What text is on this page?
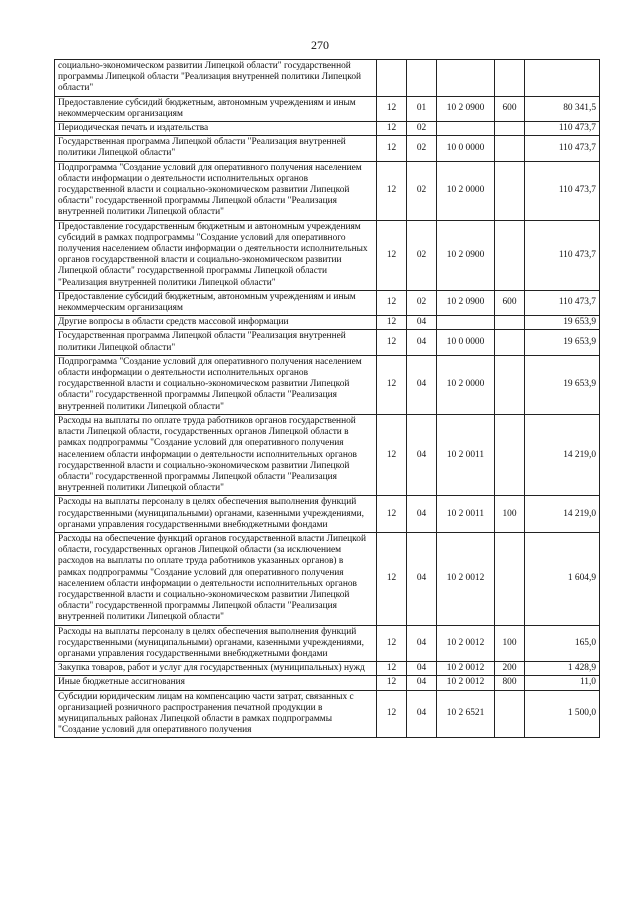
270
социально-экономическом развитии Липецкой области" государственной программы Липецкой области "Реализация внутренней политики Липецкой области"					
Предоставление субсидий бюджетным, автономным учреждениям и иным некоммерческим организациям	12	01	10 2 0900	600	80 341,5
Периодическая печать и издательства	12	02			110 473,7
Государственная программа Липецкой области "Реализация внутренней политики Липецкой области"	12	02	10 0 0000		110 473,7
Подпрограмма "Создание условий для оперативного получения населением области информации о деятельности исполнительных органов государственной власти и социально-экономическом развитии Липецкой области" государственной программы Липецкой области "Реализация внутренней политики Липецкой области"	12	02	10 2 0000		110 473,7
Предоставление государственным бюджетным и автономным учреждениям субсидий в рамках подпрограммы "Создание условий для оперативного получения населением области информации о деятельности исполнительных органов государственной власти и социально-экономическом развитии Липецкой области" государственной программы Липецкой области "Реализация внутренней политики Липецкой области"	12	02	10 2 0900		110 473,7
Предоставление субсидий бюджетным, автономным учреждениям и иным некоммерческим организациям	12	02	10 2 0900	600	110 473,7
Другие вопросы в области средств массовой информации	12	04			19 653,9
Государственная программа Липецкой области "Реализация внутренней политики Липецкой области"	12	04	10 0 0000		19 653,9
Подпрограмма "Создание условий для оперативного получения населением области информации о деятельности исполнительных органов государственной власти и социально-экономическом развитии Липецкой области" государственной программы Липецкой области "Реализация внутренней политики Липецкой области"	12	04	10 2 0000		19 653,9
Расходы на выплаты по оплате труда работников органов государственной власти Липецкой области, государственных органов Липецкой области в рамках подпрограммы "Создание условий для оперативного получения населением области информации о деятельности исполнительных органов государственной власти и социально-экономическом развитии Липецкой области" государственной программы Липецкой области "Реализация внутренней политики Липецкой области"	12	04	10 2 0011		14 219,0
Расходы на выплаты персоналу в целях обеспечения выполнения функций государственными (муниципальными) органами, казенными учреждениями, органами управления государственными внебюджетными фондами	12	04	10 2 0011	100	14 219,0
Расходы на обеспечение функций органов государственной власти Липецкой области, государственных органов Липецкой области (за исключением расходов на выплаты по оплате труда работников указанных органов) в рамках подпрограммы "Создание условий для оперативного получения населением области информации о деятельности исполнительных органов государственной власти и социально-экономическом развитии Липецкой области" государственной программы Липецкой области "Реализация внутренней политики Липецкой области"	12	04	10 2 0012		1 604,9
Расходы на выплаты персоналу в целях обеспечения выполнения функций государственными (муниципальными) органами, казенными учреждениями, органами управления государственными внебюджетными фондами	12	04	10 2 0012	100	165,0
Закупка товаров, работ и услуг для государственных (муниципальных) нужд	12	04	10 2 0012	200	1 428,9
Иные бюджетные ассигнования	12	04	10 2 0012	800	11,0
Субсидии юридическим лицам на компенсацию части затрат, связанных с организацией розничного распространения печатной продукции в муниципальных районах Липецкой области в рамках подпрограммы "Создание условий для оперативного получения	12	04	10 2 6521		1 500,0
